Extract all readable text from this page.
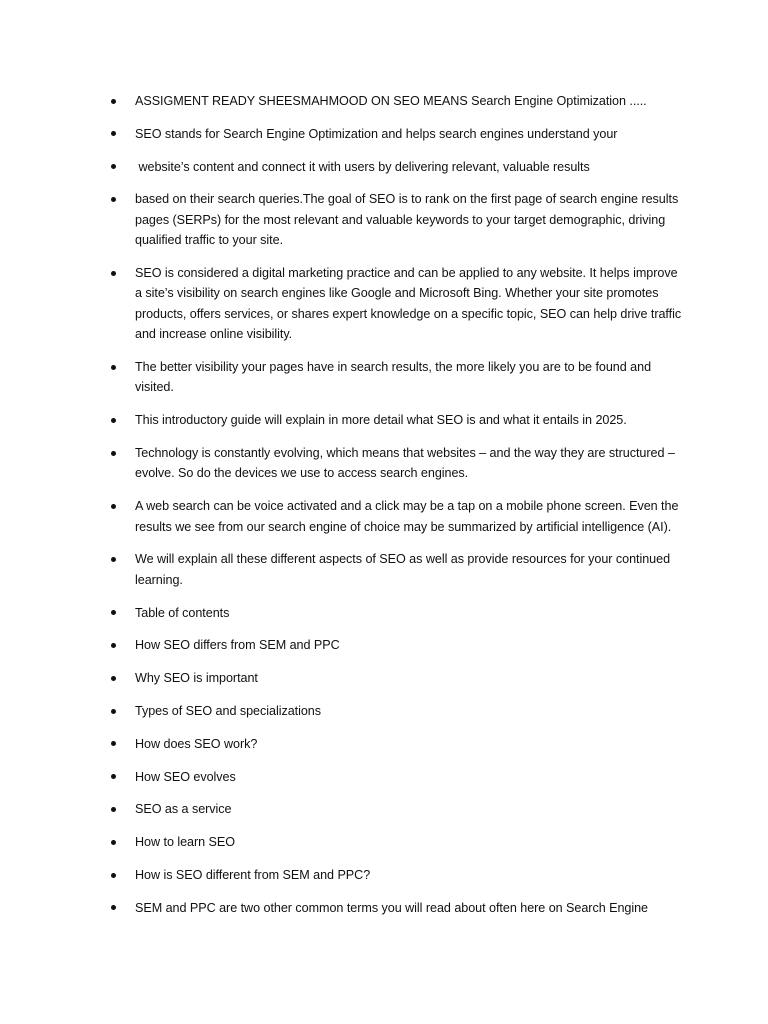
ASSIGMENT READY SHEESMAHMOOD ON SEO MEANS Search Engine Optimization .....
SEO stands for Search Engine Optimization and helps search engines understand your
website’s content and connect it with users by delivering relevant, valuable results
based on their search queries.The goal of SEO is to rank on the first page of search engine results pages (SERPs) for the most relevant and valuable keywords to your target demographic, driving qualified traffic to your site.
SEO is considered a digital marketing practice and can be applied to any website. It helps improve a site’s visibility on search engines like Google and Microsoft Bing. Whether your site promotes products, offers services, or shares expert knowledge on a specific topic, SEO can help drive traffic and increase online visibility.
The better visibility your pages have in search results, the more likely you are to be found and visited.
This introductory guide will explain in more detail what SEO is and what it entails in 2025.
Technology is constantly evolving, which means that websites – and the way they are structured – evolve. So do the devices we use to access search engines.
A web search can be voice activated and a click may be a tap on a mobile phone screen. Even the results we see from our search engine of choice may be summarized by artificial intelligence (AI).
We will explain all these different aspects of SEO as well as provide resources for your continued learning.
Table of contents
How SEO differs from SEM and PPC
Why SEO is important
Types of SEO and specializations
How does SEO work?
How SEO evolves
SEO as a service
How to learn SEO
How is SEO different from SEM and PPC?
SEM and PPC are two other common terms you will read about often here on Search Engine
